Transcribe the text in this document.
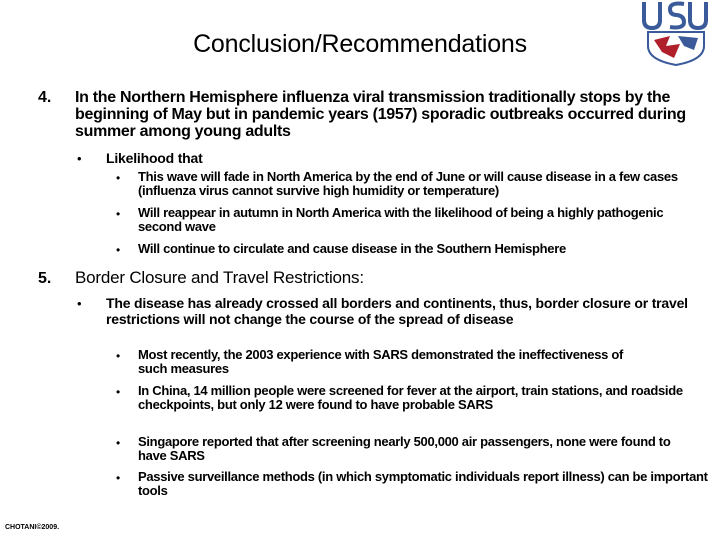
Conclusion/Recommendations
4. In the Northern Hemisphere influenza viral transmission traditionally stops by the beginning of May but in pandemic years (1957) sporadic outbreaks occurred during summer among young adults
• Likelihood that
• This wave will fade in North America by the end of June or will cause disease in a few cases (influenza virus cannot survive high humidity or temperature)
• Will reappear in autumn in North America with the likelihood of being a highly pathogenic second wave
• Will continue to circulate and cause disease in the Southern Hemisphere
5. Border Closure and Travel Restrictions:
• The disease has already crossed all borders and continents, thus, border closure or travel restrictions will not change the course of the spread of disease
• Most recently, the 2003 experience with SARS demonstrated the ineffectiveness of such measures
• In China, 14 million people were screened for fever at the airport, train stations, and roadside checkpoints, but only 12 were found to have probable SARS
• Singapore reported that after screening nearly 500,000 air passengers, none were found to have SARS
• Passive surveillance methods (in which symptomatic individuals report illness) can be important tools
CHOTANI©2009.
